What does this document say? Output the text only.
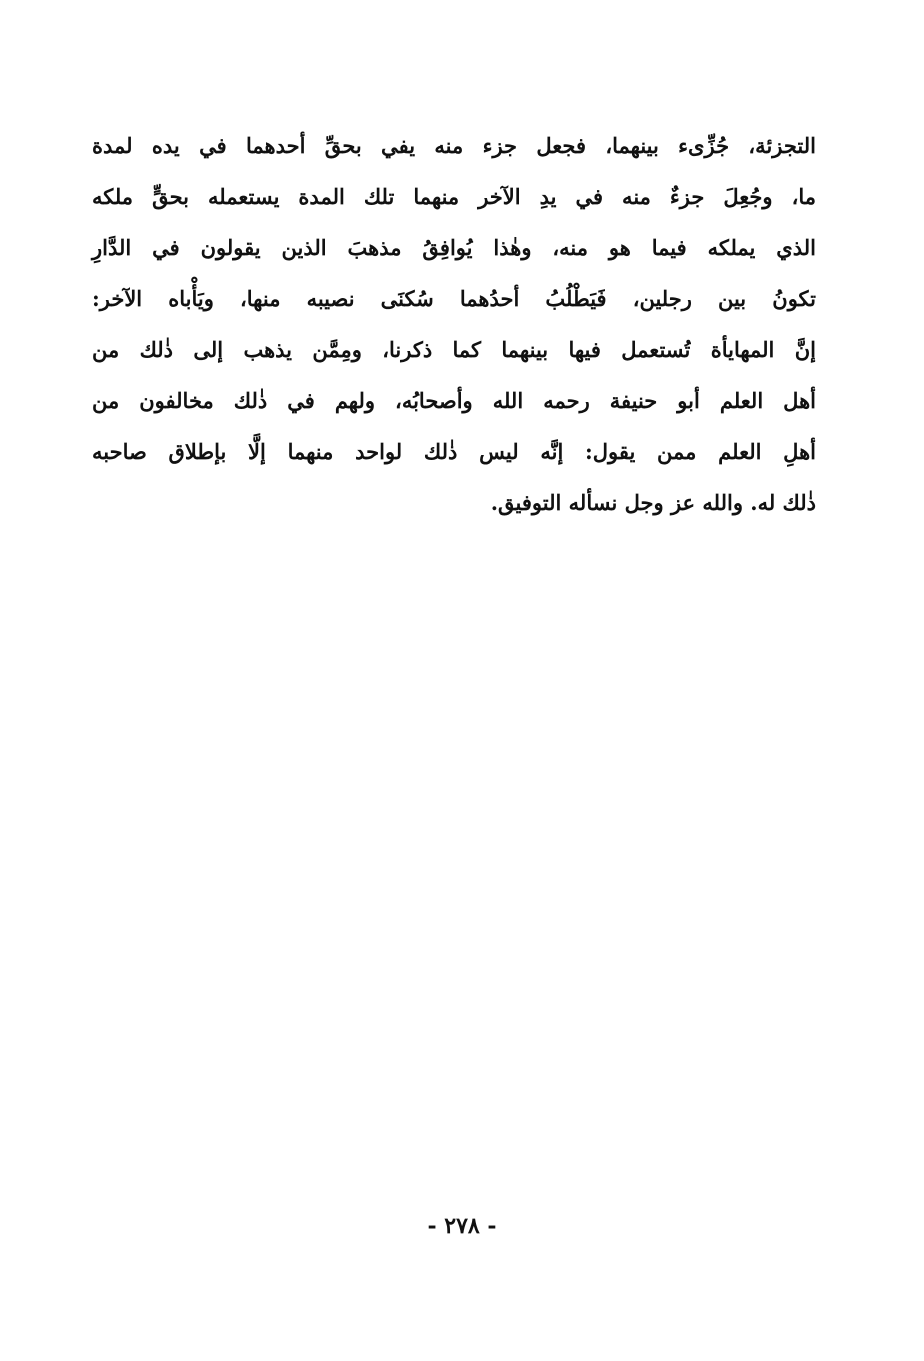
التجزئة، جُزِّىء بينهما، فجعل جزء منه يفي بحقِّ أحدهما في يده لمدة
ما، وجُعِلَ جزءٌ منه في يدِ الآخر منهما تلك المدة يستعمله بحقٍّ ملكه
الذي يملكه فيما هو منه، وهٰذا يُوافِقُ مذهبَ الذين يقولون في الدَّارِ
تكونُ بين رجلين، فَيَطْلُبُ أحدُهما سُكنَى نصيبه منها، ويَأْباه الآخر:
إنَّ المهايأة تُستعمل فيها بينهما كما ذكرنا، ومِمَّن يذهب إلى ذٰلك من
أهل العلم أبو حنيفة رحمه الله وأصحابُه، ولهم في ذٰلك مخالفون من
أهلِ العلم ممن يقول: إنَّه ليس ذٰلك لواحد منهما إلَّا بإطلاق صاحبه
ذٰلك له. والله عز وجل نسأله التوفيق.
- ٢٧٨ -
